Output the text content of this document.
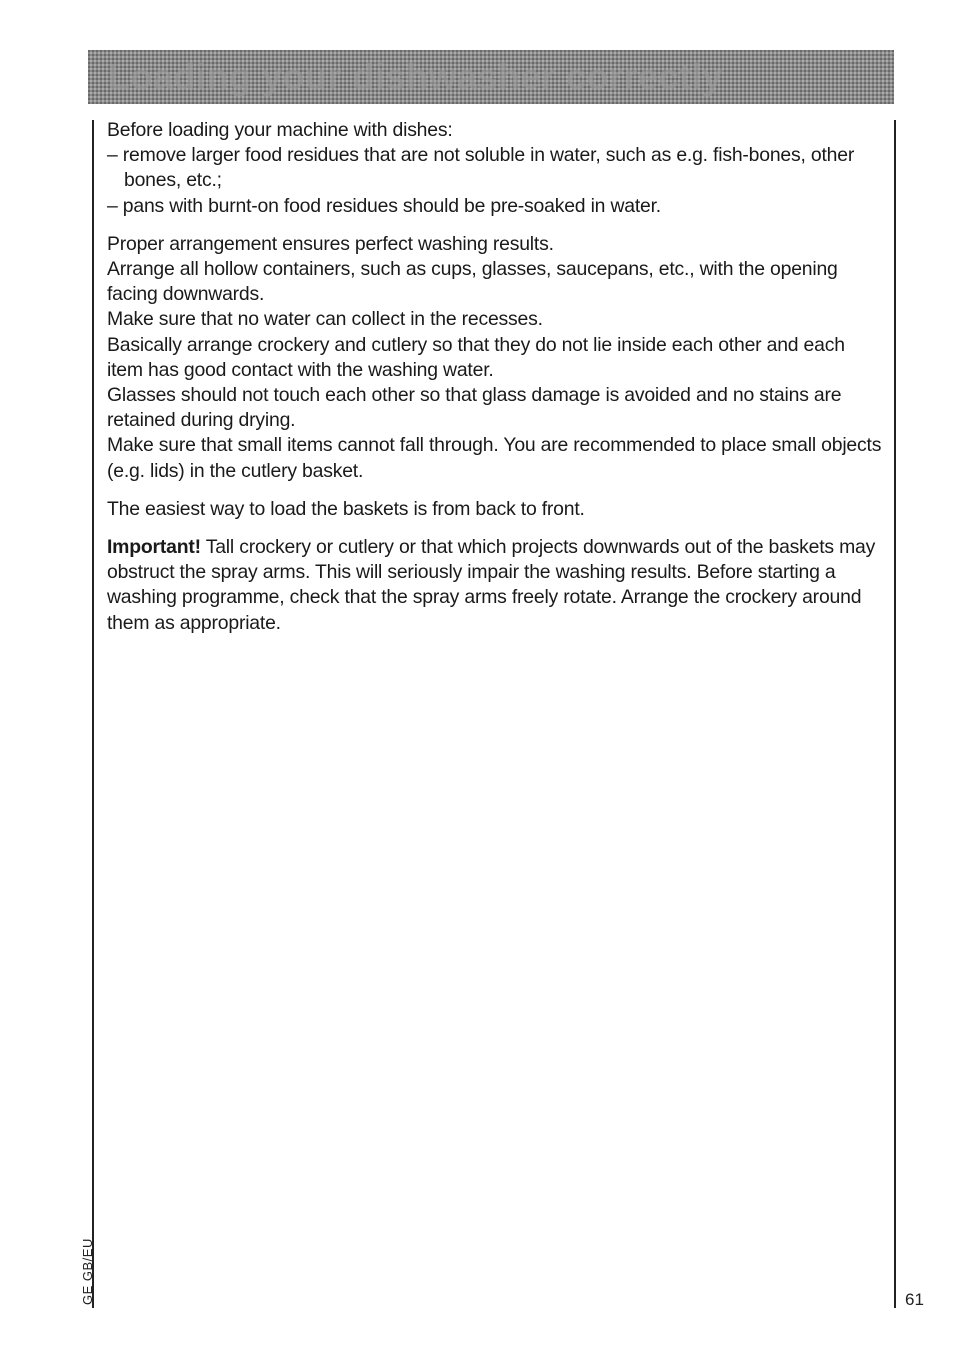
Loading your dishwasher correctly

Before loading your machine with dishes:

– remove larger food residues that are not soluble in water, such as e.g. fish-bones, other bones, etc.;

– pans with burnt-on food residues should be pre-soaked in water.

Proper arrangement ensures perfect washing results.

Arrange all hollow containers, such as cups, glasses, saucepans, etc., with the opening facing downwards.

Make sure that no water can collect in the recesses.

Basically arrange crockery and cutlery so that they do not lie inside each other and each item has good contact with the washing water.

Glasses should not touch each other so that glass damage is avoided and no stains are retained during drying.

Make sure that small items cannot fall through. You are recommended to place small objects (e.g. lids) in the cutlery basket.

The easiest way to load the baskets is from back to front.

Important! Tall crockery or cutlery or that which projects downwards out of the baskets may obstruct the spray arms. This will seriously impair the washing results. Before starting a washing programme, check that the spray arms freely rotate. Arrange the crockery around them as appropriate.

GE GB/EU	61
